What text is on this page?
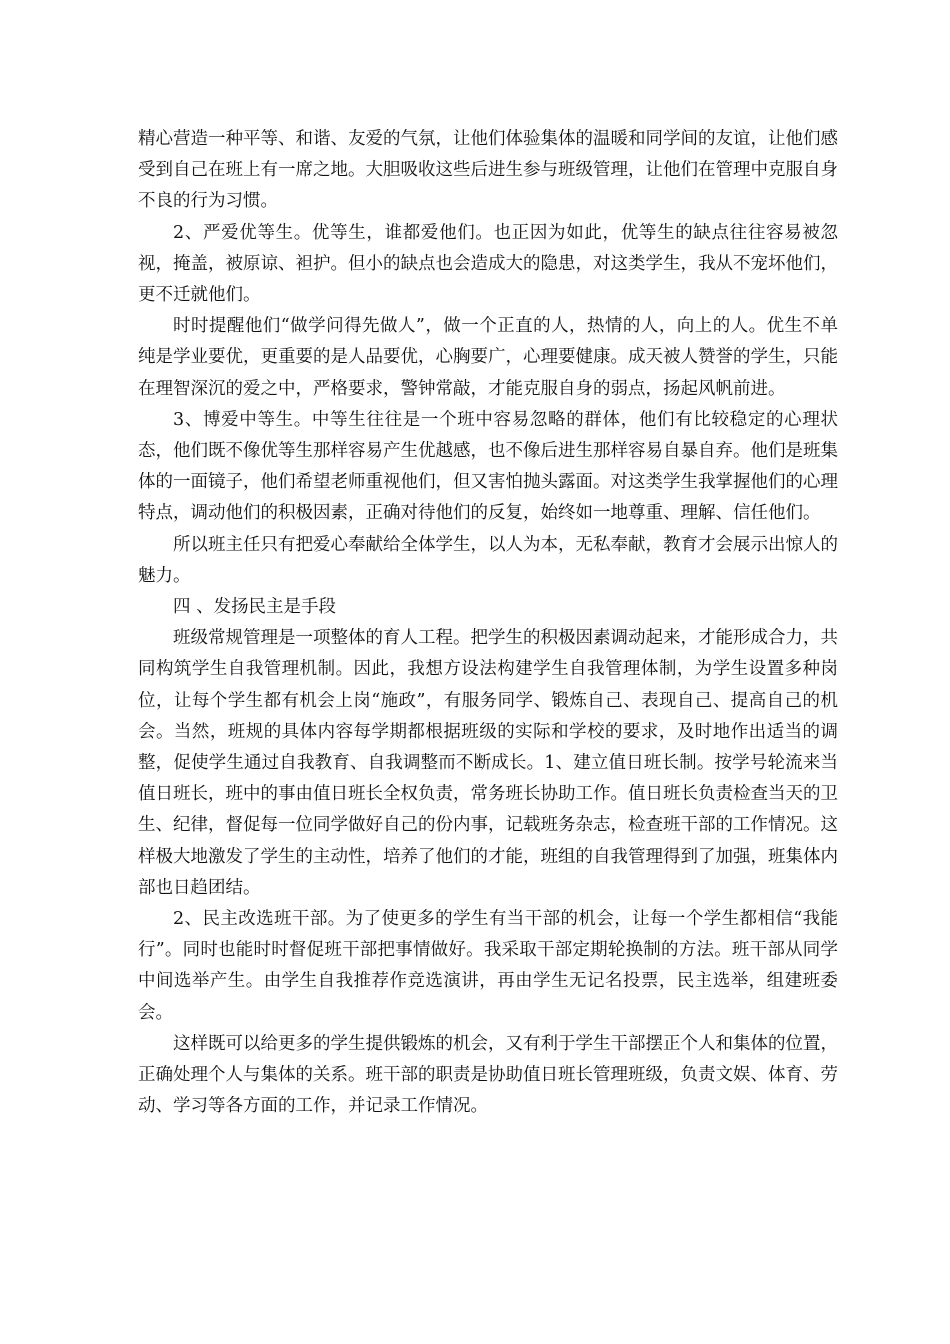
精心营造一种平等、和谐、友爱的气氛，让他们体验集体的温暖和同学间的友谊，让他们感受到自己在班上有一席之地。大胆吸收这些后进生参与班级管理，让他们在管理中克服自身不良的行为习惯。

2、严爱优等生。优等生，谁都爱他们。也正因为如此，优等生的缺点往往容易被忽视，掩盖，被原谅、袒护。但小的缺点也会造成大的隐患，对这类学生，我从不宠坏他们，更不迁就他们。

时时提醒他们“做学问得先做人”，做一个正直的人，热情的人，向上的人。优生不单纯是学业要优，更重要的是人品要优，心胸要广，心理要健康。成天被人赞誉的学生，只能在理智深沉的爱之中，严格要求，警钟常敲，才能克服自身的弱点，扬起风帆前进。

3、博爱中等生。中等生往往是一个班中容易忽略的群体，他们有比较稳定的心理状态，他们既不像优等生那样容易产生优越感，也不像后进生那样容易自暴自弃。他们是班集体的一面镜子，他们希望老师重视他们，但又害怕抛头露面。对这类学生我掌握他们的心理特点，调动他们的积极因素，正确对待他们的反复，始终如一地尊重、理解、信任他们。

所以班主任只有把爱心奉献给全体学生，以人为本，无私奉献，教育才会展示出惊人的魅力。

四 、发扬民主是手段

班级常规管理是一项整体的育人工程。把学生的积极因素调动起来，才能形成合力，共同构筑学生自我管理机制。因此，我想方设法构建学生自我管理体制，为学生设置多种岗位，让每个学生都有机会上岗“施政”，有服务同学、锻炼自己、表现自己、提高自己的机会。当然，班规的具体内容每学期都根据班级的实际和学校的要求，及时地作出适当的调整，促使学生通过自我教育、自我调整而不断成长。1、建立值日班长制。按学号轮流来当值日班长，班中的事由值日班长全权负责，常务班长协助工作。值日班长负责检查当天的卫生、纪律，督促每一位同学做好自己的份内事，记载班务杂志，检查班干部的工作情况。这样极大地激发了学生的主动性，培养了他们的才能，班组的自我管理得到了加强，班集体内部也日趋团结。

2、民主改选班干部。为了使更多的学生有当干部的机会，让每一个学生都相信“我能行”。同时也能时时督促班干部把事情做好。我采取干部定期轮换制的方法。班干部从同学中间选举产生。由学生自我推荐作竞选演讲，再由学生无记名投票，民主选举，组建班委会。

这样既可以给更多的学生提供锻炼的机会，又有利于学生干部摆正个人和集体的位置，正确处理个人与集体的关系。班干部的职责是协助值日班长管理班级，负责文娱、体育、劳动、学习等各方面的工作，并记录工作情况。
